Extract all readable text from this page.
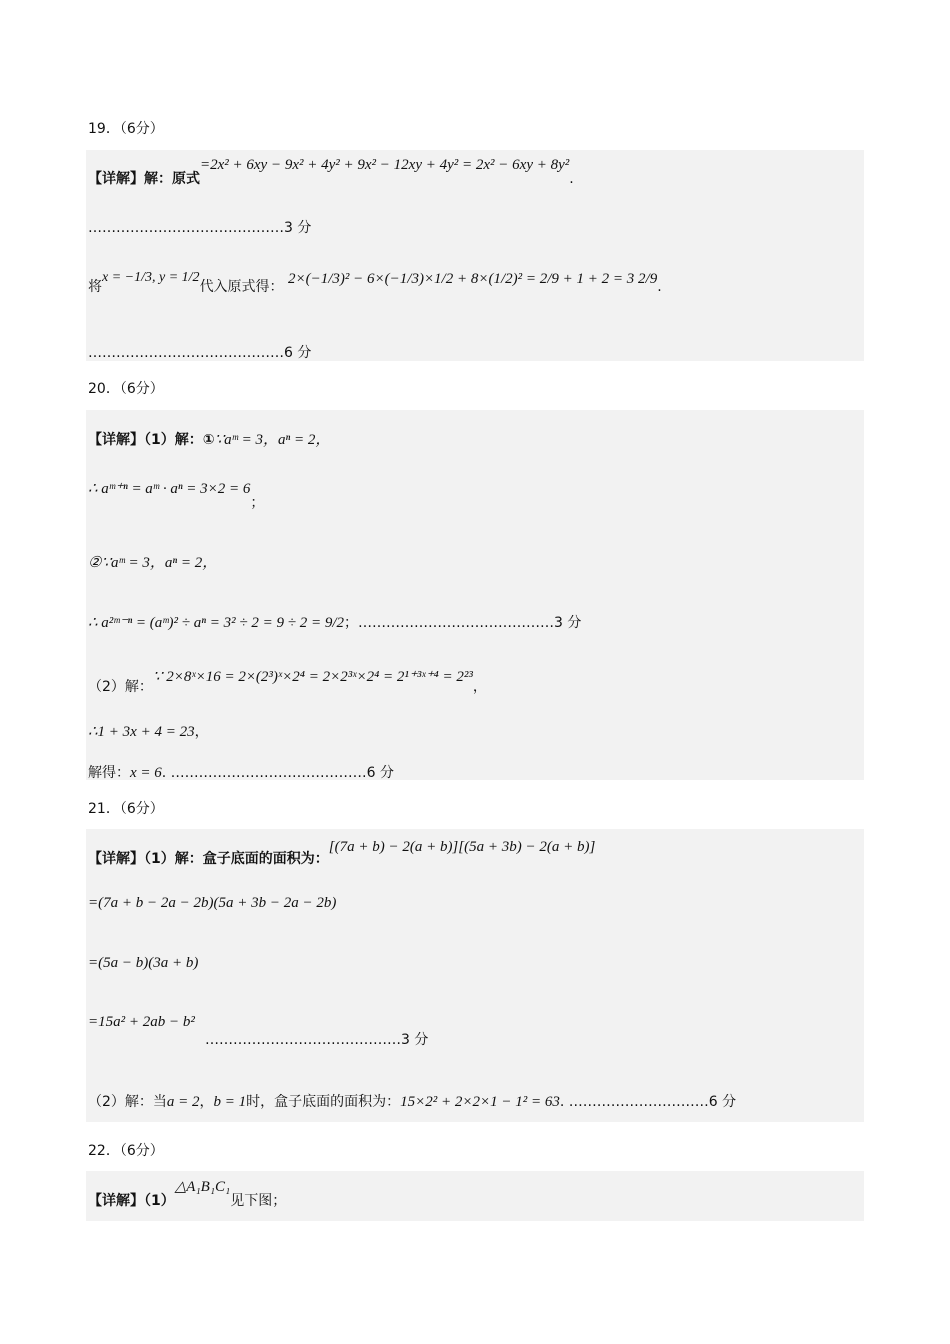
19．（6分）
【详解】解：原式=2x² + 6xy − 9x² + 4y² + 9x² − 12xy + 4y² = 2x² − 6xy + 8y².
……………………………………3 分
将x = −1/3, y = 1/2代入原式得： 2×(−1/3)² − 6×(−1/3)×1/2 + 8×(1/2)² = 2/9 + 1 + 2 = 3 2/9.
……………………………………6 分
20．（6分）
【详解】（1）解：①∵aᵐ = 3，aⁿ = 2，
∴ aᵐ⁺ⁿ = aᵐ · aⁿ = 3×2 = 6；
②∵aᵐ = 3，aⁿ = 2，
∴ a²ᵐ⁻ⁿ = (aᵐ)² ÷ aⁿ = 3² ÷ 2 = 9 ÷ 2 = 9/2；……………………………………3 分
（2）解：∵ 2×8ˣ×16 = 2×(2³)ˣ×2⁴ = 2×2³ˣ×2⁴ = 2¹⁺³ˣ⁺⁴ = 2²³，
∴1 + 3x + 4 = 23，
解得：x = 6. ……………………………………6 分
21．（6分）
【详解】（1）解：盒子底面的面积为：[(7a + b) − 2(a + b)][(5a + 3b) − 2(a + b)]
=(7a + b − 2a − 2b)(5a + 3b − 2a − 2b)
=(5a − b)(3a + b)
=15a² + 2ab − b²
……………………………………3 分
（2）解：当a = 2，b = 1时，盒子底面的面积为：15×2² + 2×2×1 − 1² = 63. …………………………6 分
22．（6分）
【详解】（1）△A₁B₁C₁见下图；
